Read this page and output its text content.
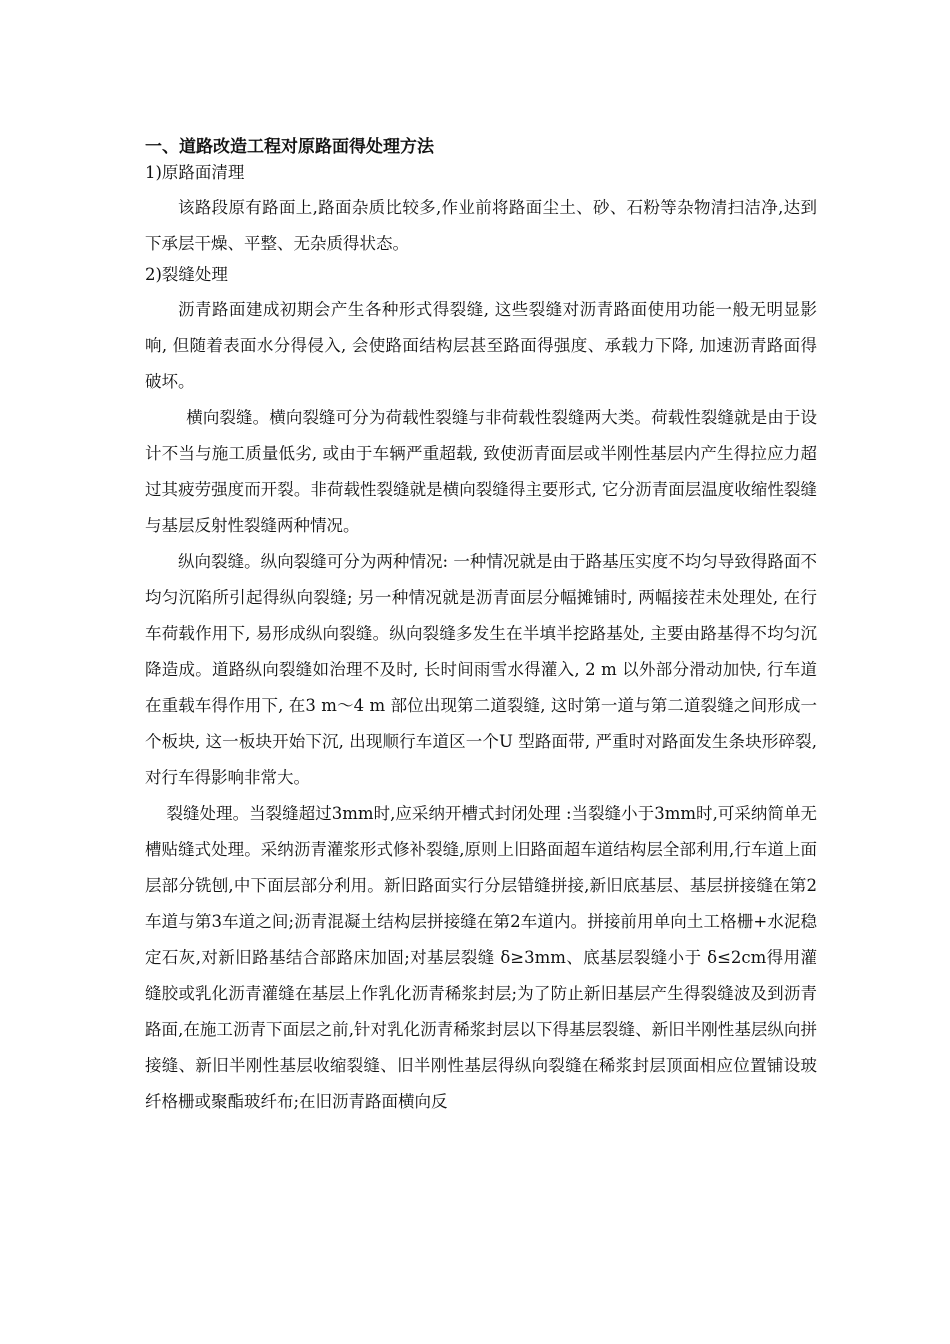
一、道路改造工程对原路面得处理方法

1)原路面清理

该路段原有路面上,路面杂质比较多,作业前将路面尘土、砂、石粉等杂物清扫洁净,达到下承层干燥、平整、无杂质得状态。

2)裂缝处理

沥青路面建成初期会产生各种形式得裂缝, 这些裂缝对沥青路面使用功能一般无明显影响, 但随着表面水分得侵入, 会使路面结构层甚至路面得强度、承载力下降, 加速沥青路面得破坏。

横向裂缝。横向裂缝可分为荷载性裂缝与非荷载性裂缝两大类。荷载性裂缝就是由于设计不当与施工质量低劣, 或由于车辆严重超载, 致使沥青面层或半刚性基层内产生得拉应力超过其疲劳强度而开裂。非荷载性裂缝就是横向裂缝得主要形式, 它分沥青面层温度收缩性裂缝与基层反射性裂缝两种情况。

纵向裂缝。纵向裂缝可分为两种情况: 一种情况就是由于路基压实度不均匀导致得路面不均匀沉陷所引起得纵向裂缝; 另一种情况就是沥青面层分幅摊铺时, 两幅接茬未处理处, 在行车荷载作用下, 易形成纵向裂缝。纵向裂缝多发生在半填半挖路基处, 主要由路基得不均匀沉降造成。道路纵向裂缝如治理不及时, 长时间雨雪水得灌入, 2 m 以外部分滑动加快, 行车道在重载车得作用下, 在3 m～4 m 部位出现第二道裂缝, 这时第一道与第二道裂缝之间形成一个板块, 这一板块开始下沉, 出现顺行车道区一个U 型路面带, 严重时对路面发生条块形碎裂, 对行车得影响非常大。

裂缝处理。当裂缝超过3mm时,应采纳开槽式封闭处理 :当裂缝小于3mm时,可采纳简单无槽贴缝式处理。采纳沥青灌浆形式修补裂缝,原则上旧路面超车道结构层全部利用,行车道上面层部分铣刨,中下面层部分利用。新旧路面实行分层错缝拼接,新旧底基层、基层拼接缝在第2车道与第3车道之间;沥青混凝土结构层拼接缝在第2车道内。拼接前用单向土工格栅+水泥稳定石灰,对新旧路基结合部路床加固;对基层裂缝 δ≥3mm、底基层裂缝小于 δ≤2cm得用灌缝胶或乳化沥青灌缝在基层上作乳化沥青稀浆封层;为了防止新旧基层产生得裂缝波及到沥青路面,在施工沥青下面层之前,针对乳化沥青稀浆封层以下得基层裂缝、新旧半刚性基层纵向拼接缝、新旧半刚性基层收缩裂缝、旧半刚性基层得纵向裂缝在稀浆封层顶面相应位置铺设玻纤格栅或聚酯玻纤布;在旧沥青路面横向反
